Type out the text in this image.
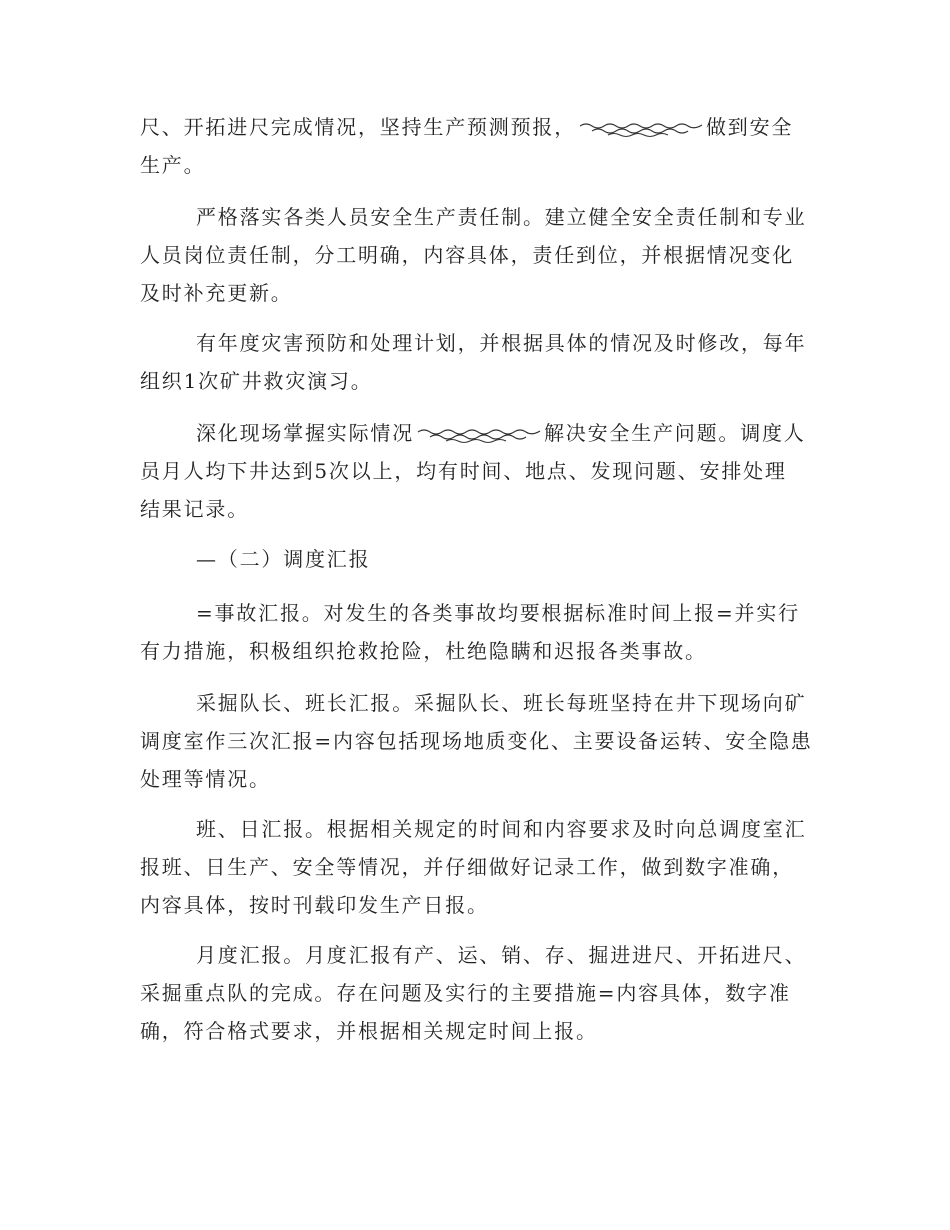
尺、开拓进尺完成情况，坚持生产预测预报，	做到安全
生产。

严格落实各类人员安全生产责任制。建立健全安全责任制和专业
人员岗位责任制，分工明确，内容具体，责任到位，并根据情况变化
及时补充更新。

有年度灾害预防和处理计划，并根据具体的情况及时修改，每年
组织1次矿井救灾演习。

深化现场掌握实际情况	解决安全生产问题。调度人
员月人均下井达到5次以上，均有时间、地点、发现问题、安排处理
结果记录。

—（二）调度汇报

=事故汇报。对发生的各类事故均要根据标准时间上报=并实行
有力措施，积极组织抢救抢险，杜绝隐瞒和迟报各类事故。

采掘队长、班长汇报。采掘队长、班长每班坚持在井下现场向矿
调度室作三次汇报=内容包括现场地质变化、主要设备运转、安全隐患
处理等情况。

班、日汇报。根据相关规定的时间和内容要求及时向总调度室汇
报班、日生产、安全等情况，并仔细做好记录工作，做到数字准确，
内容具体，按时刊载印发生产日报。

月度汇报。月度汇报有产、运、销、存、掘进进尺、开拓进尺、
采掘重点队的完成。存在问题及实行的主要措施=内容具体，数字准
确，符合格式要求，并根据相关规定时间上报。
